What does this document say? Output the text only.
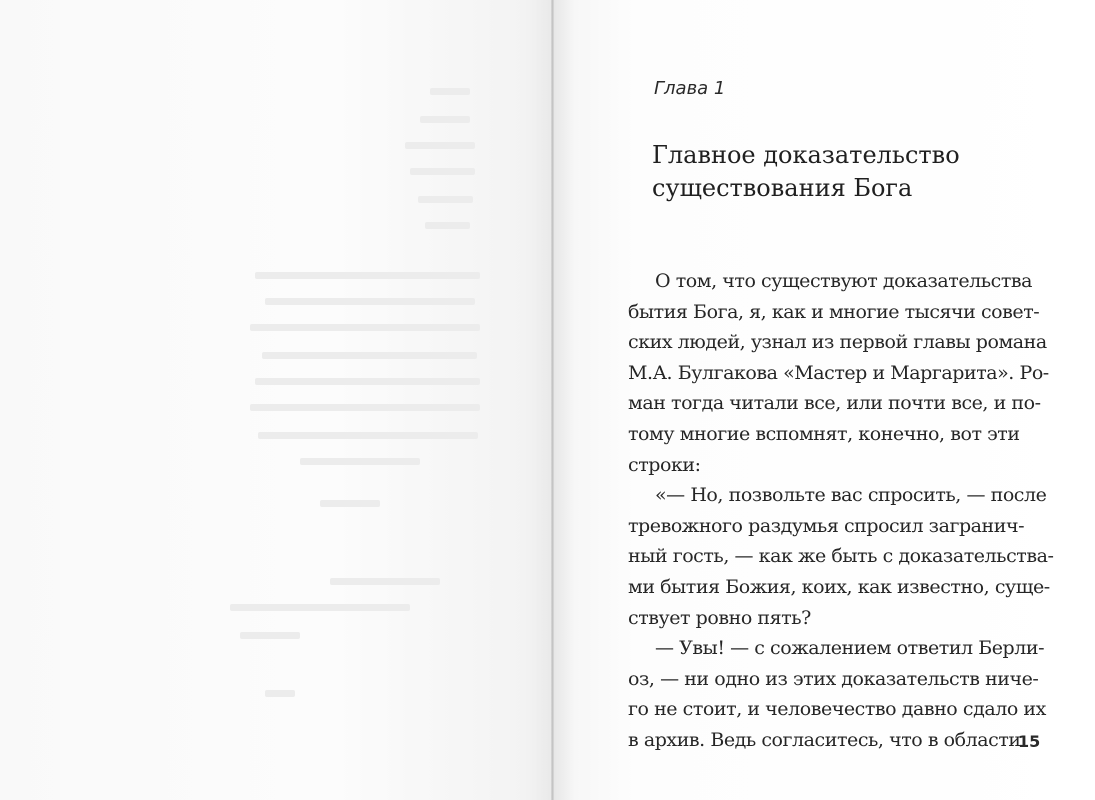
Глава 1

Главное доказательство
существования Бога

О том, что существуют доказательства
бытия Бога, я, как и многие тысячи совет-
ских людей, узнал из первой главы романа
М.А. Булгакова «Мастер и Маргарита». Ро-
ман тогда читали все, или почти все, и по-
тому многие вспомнят, конечно, вот эти
строки:
«— Но, позвольте вас спросить, — после
тревожного раздумья спросил загранич-
ный гость, — как же быть с доказательства-
ми бытия Божия, коих, как известно, суще-
ствует ровно пять?
— Увы! — с сожалением ответил Берли-
оз, — ни одно из этих доказательств ниче-
го не стоит, и человечество давно сдало их
в архив. Ведь согласитесь, что в области

15
